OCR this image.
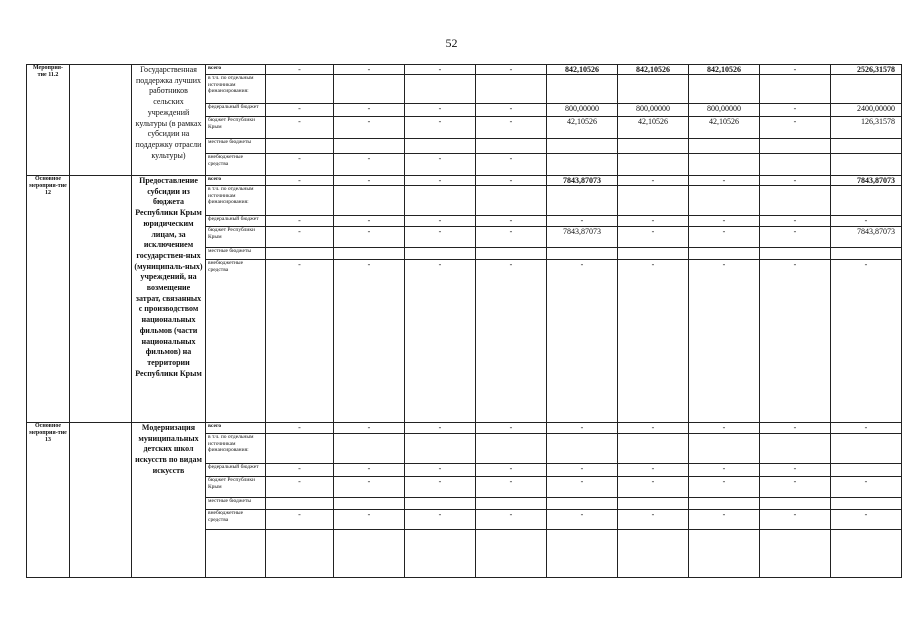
52
Мероприя-тие 11.2		Государственная поддержка лучших работников сельских учреждений культуры (в рамках субсидии на поддержку отрасли культуры)	всего	-	-	-	-	842,10526	842,10526	842,10526	-	2526,31578
			в т.ч. по отдельным источникам финансирования:									
			федеральный бюджет	-	-	-	-	800,00000	800,00000	800,00000	-	2400,00000
			бюджет Республики Крым	-	-	-	-	42,10526	42,10526	42,10526	-	126,31578
			местные бюджеты									
			внебюджетные средства	-	-	-	-					
Основное мероприя-тие 12		Предоставление субсидии из бюджета Республики Крым юридическим лицам, за исключением государствен-ных (муниципаль-ных) учреждений, на возмещение затрат, связанных с производством национальных фильмов (части национальных фильмов) на территории Республики Крым	всего	-	-	-	-	7843,87073	-	-	-	7843,87073
			в т.ч. по отдельным источникам финансирования:									
			федеральный бюджет	-	-	-	-	-	-	-	-	-
			бюджет Республики Крым	-	-	-	-	7843,87073	-	-	-	7843,87073
			местные бюджеты									
			внебюджетные средства	-	-	-	-	-	-	-	-	-
Основное мероприя-тие 13		Модернизация муниципальных детских школ искусств по видам искусств	всего	-	-	-	-	-	-	-	-	-
			в т.ч. по отдельным источникам финансирования:									
			федеральный бюджет	-	-	-	-	-	-	-	-	
			бюджет Республики Крым	-	-	-	-	-	-	-	-	-
			местные бюджеты									
			внебюджетные средства	-	-	-	-	-	-	-	-	-
